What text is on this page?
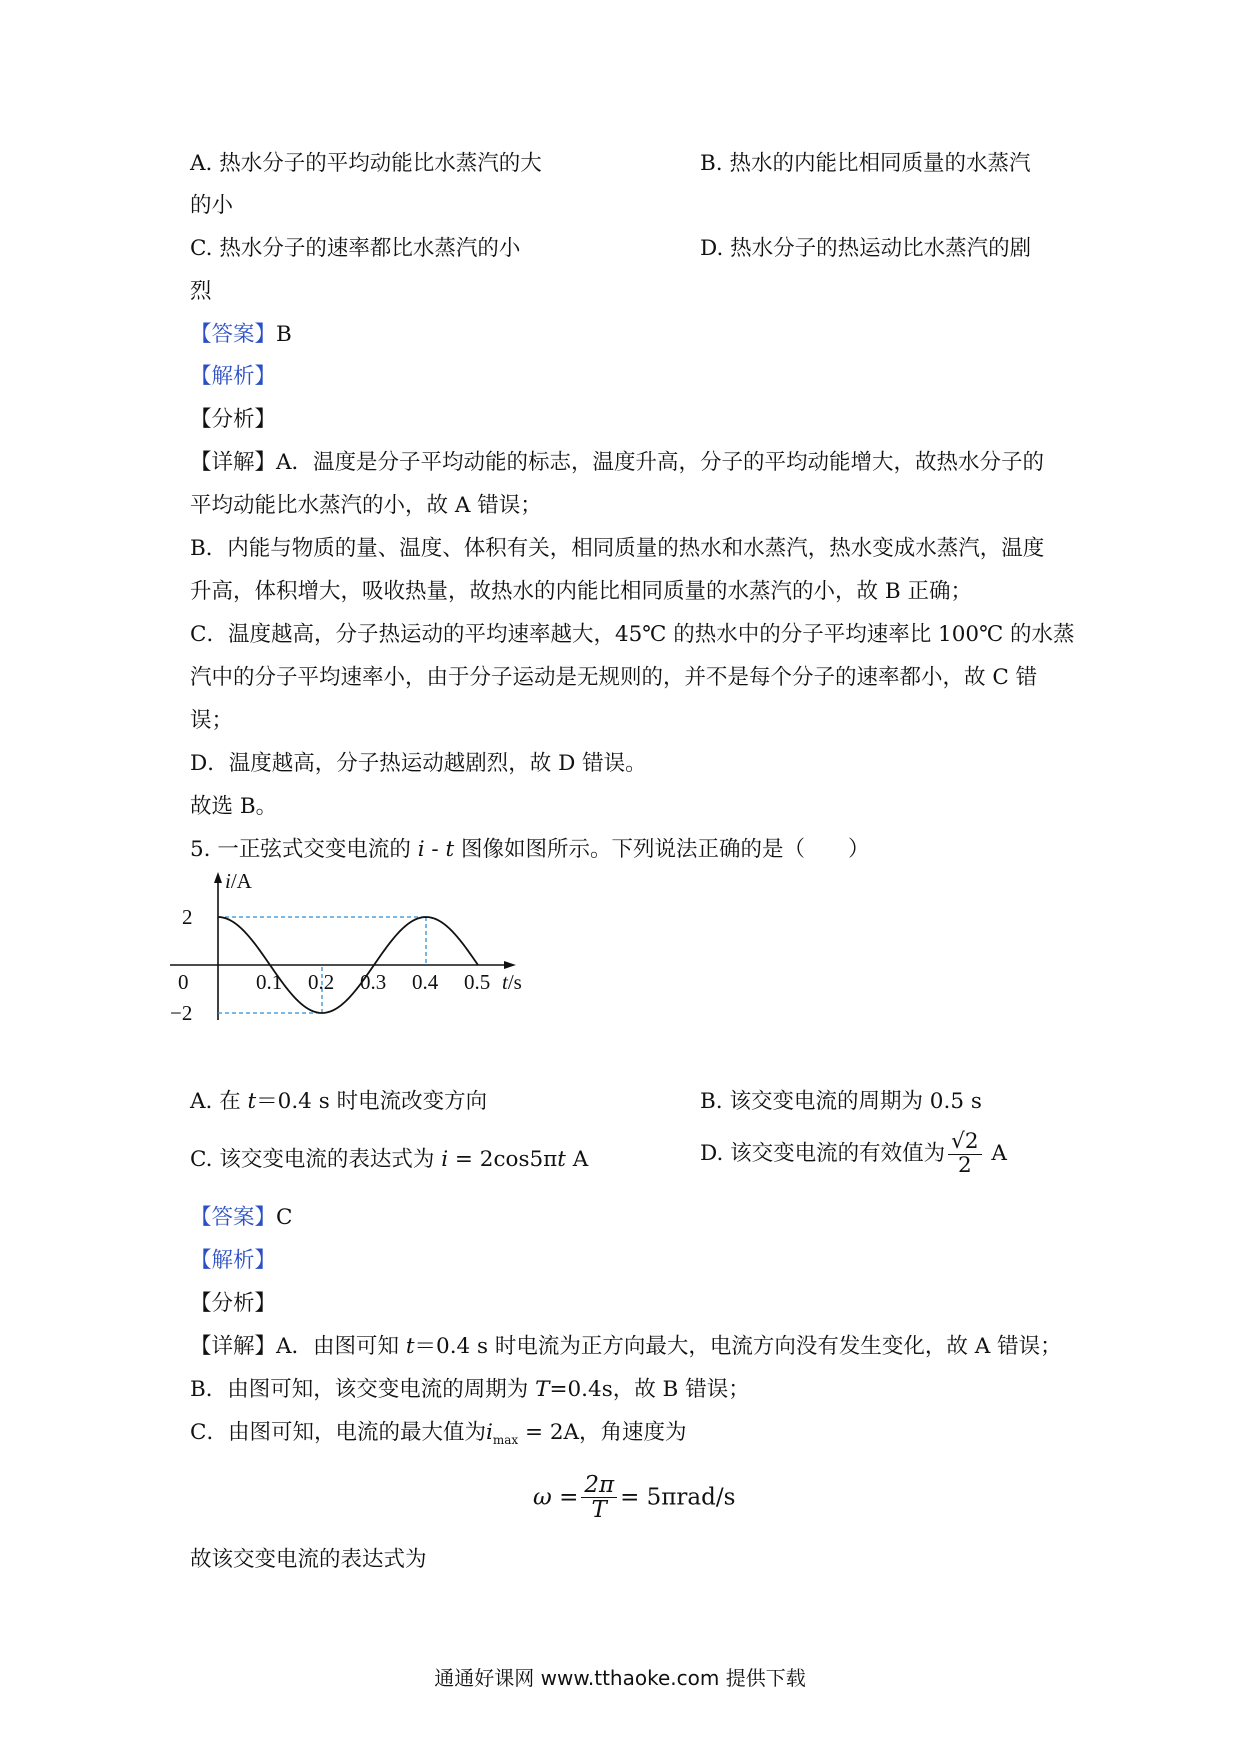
A. 热水分子的平均动能比水蒸汽的大	B. 热水的内能比相同质量的水蒸汽
的小
C. 热水分子的速率都比水蒸汽的小	D. 热水分子的热运动比水蒸汽的剧
烈
【答案】B
【解析】
【分析】
【详解】A．温度是分子平均动能的标志，温度升高，分子的平均动能增大，故热水分子的
平均动能比水蒸汽的小，故 A 错误；
B．内能与物质的量、温度、体积有关，相同质量的热水和水蒸汽，热水变成水蒸汽，温度
升高，体积增大，吸收热量，故热水的内能比相同质量的水蒸汽的小，故 B 正确；
C．温度越高，分子热运动的平均速率越大，45℃ 的热水中的分子平均速率比 100℃ 的水蒸
汽中的分子平均速率小，由于分子运动是无规则的，并不是每个分子的速率都小，故 C 错
误；
D．温度越高，分子热运动越剧烈，故 D 错误。
故选 B。
5. 一正弦式交变电流的 i - t 图像如图所示。下列说法正确的是（　　）
0.1 0.2 0.3 0.4 0.5
0
2
−2
i/A
t/s
A. 在 t＝0.4 s 时电流改变方向	B. 该交变电流的周期为 0.5 s
C. 该交变电流的表达式为 i = 2cos5πt A	D. 该交变电流的有效值为 $\frac{√2}{2}$ A
【答案】C
【解析】
【分析】
【详解】A．由图可知 t＝0.4 s 时电流为正方向最大，电流方向没有发生变化，故 A 错误；
B．由图可知，该交变电流的周期为 T=0.4s，故 B 错误；
C．由图可知，电流的最大值为$i_{max} = 2A$，角速度为
$\omega = \frac{2\pi}{T} = 5\pi rad/s$
故该交变电流的表达式为
通通好课网 www.tthaoke.com 提供下载
